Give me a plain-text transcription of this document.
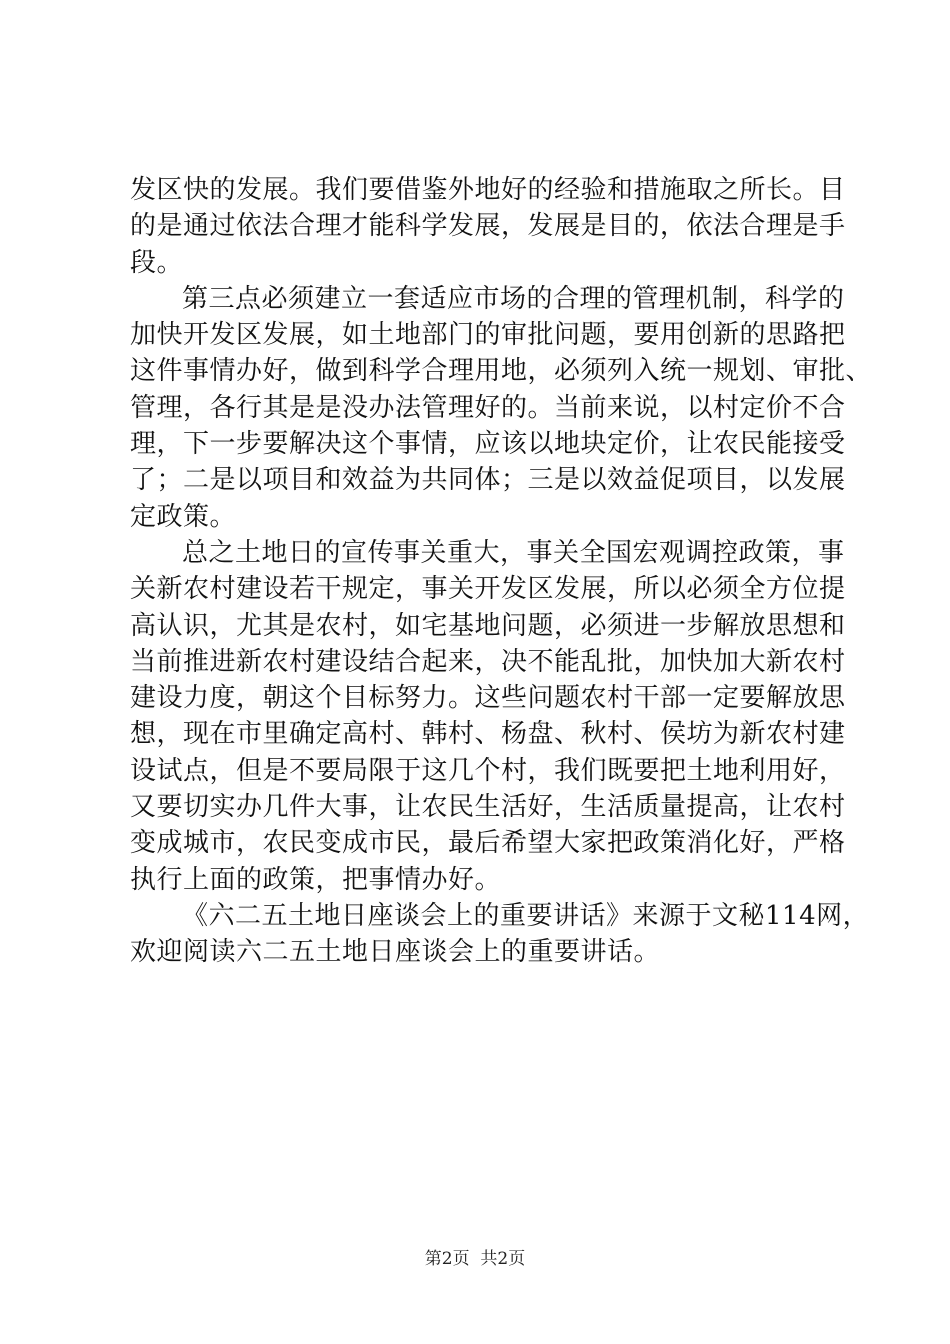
发区快的发展。我们要借鉴外地好的经验和措施取之所长。目
的是通过依法合理才能科学发展，发展是目的，依法合理是手
段。
第三点必须建立一套适应市场的合理的管理机制，科学的
加快开发区发展，如土地部门的审批问题，要用创新的思路把
这件事情办好，做到科学合理用地，必须列入统一规划、审批、
管理，各行其是是没办法管理好的。当前来说，以村定价不合
理，下一步要解决这个事情，应该以地块定价，让农民能接受
了；二是以项目和效益为共同体；三是以效益促项目，以发展
定政策。
总之土地日的宣传事关重大，事关全国宏观调控政策，事
关新农村建设若干规定，事关开发区发展，所以必须全方位提
高认识，尤其是农村，如宅基地问题，必须进一步解放思想和
当前推进新农村建设结合起来，决不能乱批，加快加大新农村
建设力度，朝这个目标努力。这些问题农村干部一定要解放思
想，现在市里确定高村、韩村、杨盘、秋村、侯坊为新农村建
设试点，但是不要局限于这几个村，我们既要把土地利用好，
又要切实办几件大事，让农民生活好，生活质量提高，让农村
变成城市，农民变成市民，最后希望大家把政策消化好，严格
执行上面的政策，把事情办好。
《六二五土地日座谈会上的重要讲话》来源于文秘114网，
欢迎阅读六二五土地日座谈会上的重要讲话。
第2页  共2页
